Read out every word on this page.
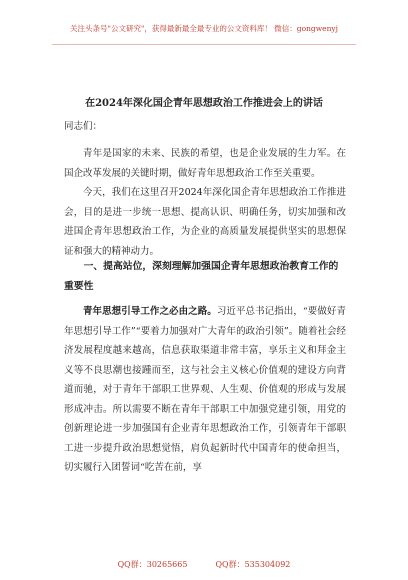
关注头条号"公文研究"，获得最新最全最专业的公文资料库！ 微信：gongwenyj
在2024年深化国企青年思想政治工作推进会上的讲话
同志们：

青年是国家的未来、民族的希望，也是企业发展的生力军。在国企改革发展的关键时期，做好青年思想政治工作至关重要。

今天，我们在这里召开2024年深化国企青年思想政治工作推进会，目的是进一步统一思想、提高认识、明确任务，切实加强和改进国企青年思想政治工作，为企业的高质量发展提供坚实的思想保证和强大的精神动力。

一、提高站位，深刻理解加强国企青年思想政治教育工作的重要性

青年思想引导工作之必由之路。习近平总书记指出，“要做好青年思想引导工作”“要着力加强对广大青年的政治引领”。随着社会经济发展程度越来越高，信息获取渠道非常丰富，享乐主义和拜金主义等不良思潮也接踵而至，这与社会主义核心价值观的建设方向背道而驰，对于青年干部职工世界观、人生观、价值观的形成与发展形成冲击。所以需要不断在青年干部职工中加强党建引领，用党的创新理论进一步加强国有企业青年思想政治工作，引领青年干部职工进一步提升政治思想觉悟，肩负起新时代中国青年的使命担当，切实履行入团誓词“吃苦在前，享

QQ群：30265665	QQ群：535304092
